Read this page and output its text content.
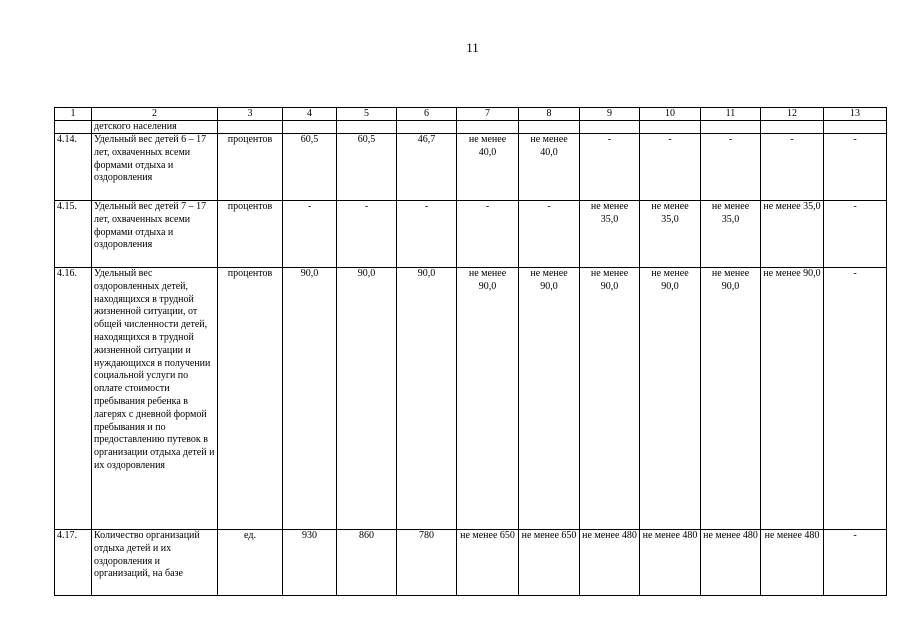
11
1	2	3	4	5	6	7	8	9	10	11	12	13
	детского населения											
4.14.	Удельный вес детей 6 – 17 лет, охваченных всеми формами отдыха и оздоровления	процентов	60,5	60,5	46,7	не менее 40,0	не менее 40,0	-	-	-	-	-
4.15.	Удельный вес детей 7 – 17 лет, охваченных всеми формами отдыха и оздоровления	процентов	-	-	-	-	-	не менее 35,0	не менее 35,0	не менее 35,0	не менее 35,0	-
4.16.	Удельный вес оздоровленных детей, находящихся в трудной жизненной ситуации, от общей численности детей, находящихся в трудной жизненной ситуации и нуждающихся в получении социальной услуги по оплате стоимости пребывания ребенка в лагерях с дневной формой пребывания и по предоставлению путевок в организации отдыха детей и их оздоровления	процентов	90,0	90,0	90,0	не менее 90,0	не менее 90,0	не менее 90,0	не менее 90,0	не менее 90,0	не менее 90,0	-
4.17.	Количество организаций отдыха детей и их оздоровления и организаций, на базе	ед.	930	860	780	не менее 650	не менее 650	не менее 480	не менее 480	не менее 480	не менее 480	-
